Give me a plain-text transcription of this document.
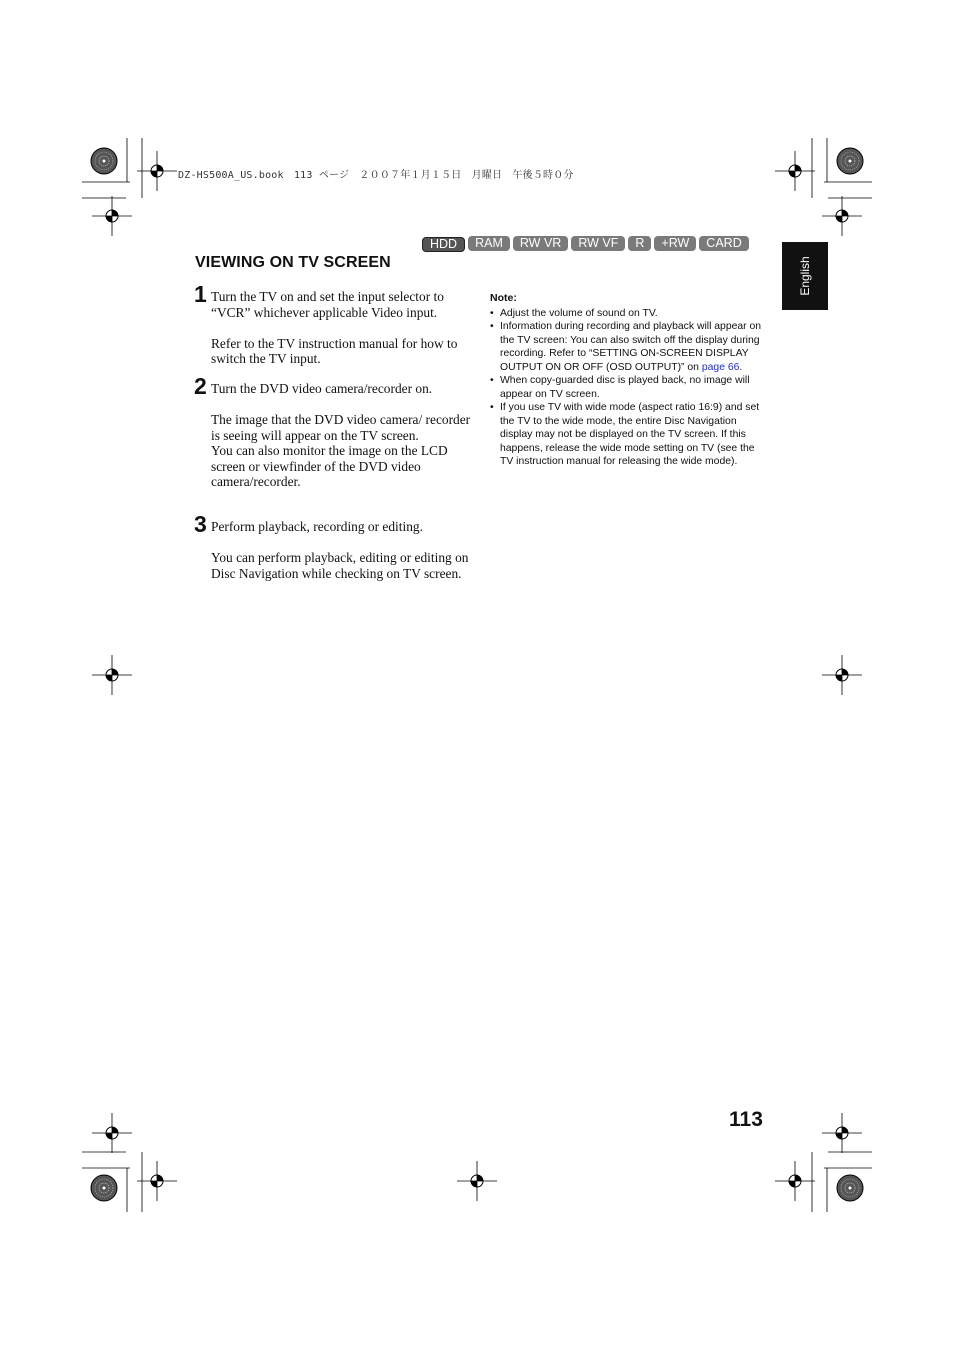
DZ-HS500A_US.book　113 ページ　２００７年１月１５日　月曜日　午後５時０分
HDD	RAM	RW VR	RW VF	R	+RW	CARD
English
VIEWING ON TV SCREEN
1 Turn the TV on and set the input selector to “VCR” whichever applicable Video input.

Refer to the TV instruction manual for how to switch the TV input.

2 Turn the DVD video camera/recorder on.

The image that the DVD video camera/ recorder is seeing will appear on the TV screen.

You can also monitor the image on the LCD screen or viewfinder of the DVD video camera/recorder.

3 Perform playback, recording or editing.

You can perform playback, editing or editing on Disc Navigation while checking on TV screen.

Note:
• Adjust the volume of sound on TV.
• Information during recording and playback will appear on the TV screen: You can also switch off the display during recording. Refer to “SETTING ON-SCREEN DISPLAY OUTPUT ON OR OFF (OSD OUTPUT)” on page 66.
• When copy-guarded disc is played back, no image will appear on TV screen.
• If you use TV with wide mode (aspect ratio 16:9) and set the TV to the wide mode, the entire Disc Navigation display may not be displayed on the TV screen. If this happens, release the wide mode setting on TV (see the TV instruction manual for releasing the wide mode).
113
